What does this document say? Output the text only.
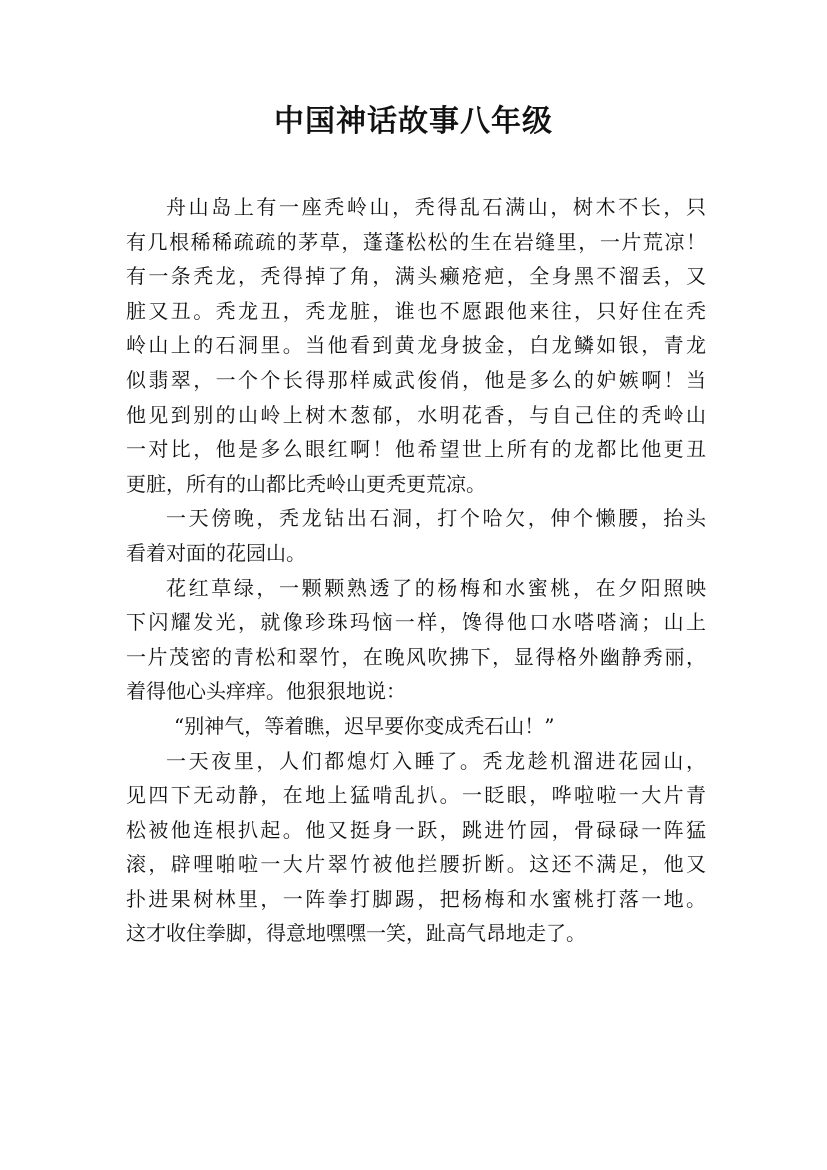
中国神话故事八年级

舟山岛上有一座秃岭山，秃得乱石满山，树木不长，只
有几根稀稀疏疏的茅草，蓬蓬松松的生在岩缝里，一片荒凉！
有一条秃龙，秃得掉了角，满头癞疮疤，全身黑不溜丢，又
脏又丑。秃龙丑，秃龙脏，谁也不愿跟他来往，只好住在秃
岭山上的石洞里。当他看到黄龙身披金，白龙鳞如银，青龙
似翡翠，一个个长得那样威武俊俏，他是多么的妒嫉啊！当
他见到别的山岭上树木葱郁，水明花香，与自己住的秃岭山
一对比，他是多么眼红啊！他希望世上所有的龙都比他更丑
更脏，所有的山都比秃岭山更秃更荒凉。

一天傍晚，秃龙钻出石洞，打个哈欠，伸个懒腰，抬头
看着对面的花园山。

花红草绿，一颗颗熟透了的杨梅和水蜜桃，在夕阳照映
下闪耀发光，就像珍珠玛恼一样，馋得他口水嗒嗒滴；山上
一片茂密的青松和翠竹，在晚风吹拂下，显得格外幽静秀丽，
着得他心头痒痒。他狠狠地说：

“别神气，等着瞧，迟早要你变成秃石山！”

一天夜里，人们都熄灯入睡了。秃龙趁机溜进花园山，
见四下无动静，在地上猛啃乱扒。一眨眼，哗啦啦一大片青
松被他连根扒起。他又挺身一跃，跳进竹园，骨碌碌一阵猛
滚，辟哩啪啦一大片翠竹被他拦腰折断。这还不满足，他又
扑进果树林里，一阵拳打脚踢，把杨梅和水蜜桃打落一地。
这才收住拳脚，得意地嘿嘿一笑，趾高气昂地走了。
